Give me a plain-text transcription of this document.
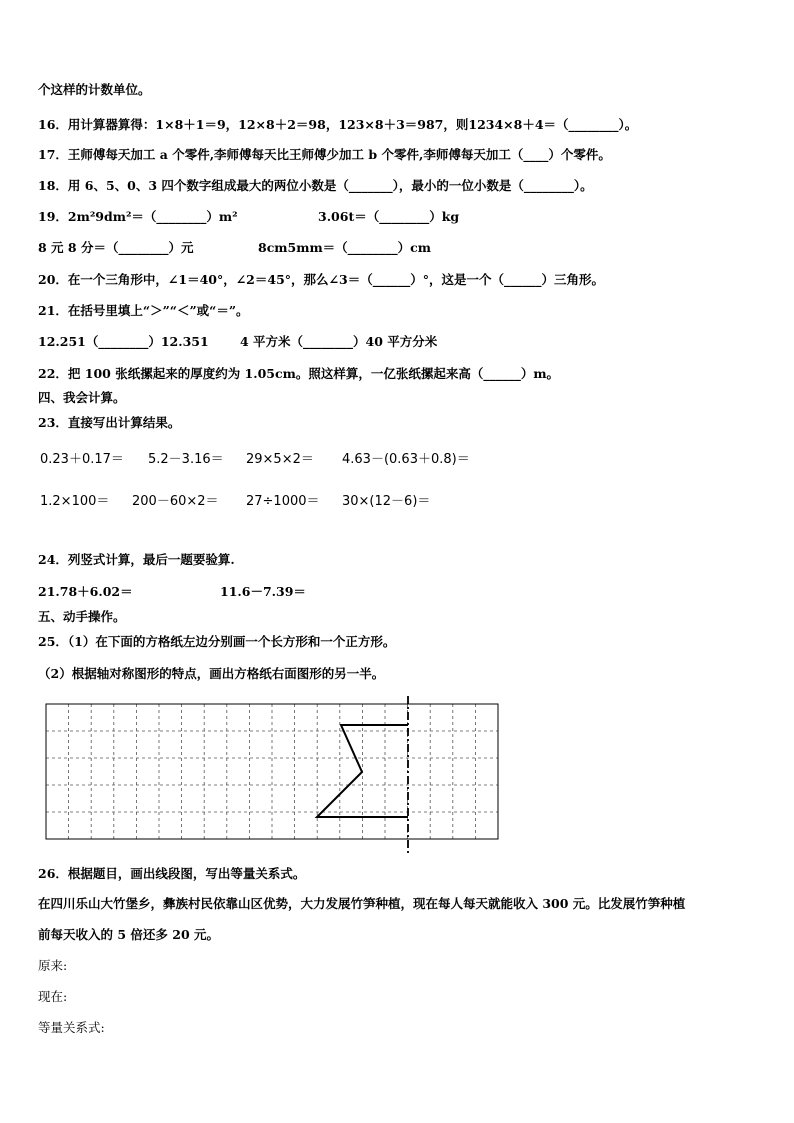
个这样的计数单位。
16．用计算器算得：1×8＋1＝9，12×8＋2＝98，123×8＋3＝987，则1234×8＋4＝（________）。
17．王师傅每天加工 a 个零件,李师傅每天比王师傅少加工 b 个零件,李师傅每天加工（____）个零件。
18．用 6、5、0、3 四个数字组成最大的两位小数是（_______），最小的一位小数是（________）。
19．2m²9dm²＝（________）m²	3.06t＝（________）kg
8 元 8 分＝（________）元	8cm5mm＝（________）cm
20．在一个三角形中，∠1＝40°，∠2＝45°，那么∠3＝（______）°，这是一个（______）三角形。
21．在括号里填上“＞”“＜”或“＝”。
12.251（________）12.351	4 平方米（________）40 平方分米
22．把 100 张纸摞起来的厚度约为 1.05cm。照这样算，一亿张纸摞起来高（______）m。
四、我会计算。
23．直接写出计算结果。
0.23＋0.17＝ 5.2－3.16＝ 29×5×2＝ 4.63－(0.63＋0.8)＝
1.2×100＝ 200－60×2＝ 27÷1000＝ 30×(12－6)＝
24．列竖式计算，最后一题要验算.
21.78＋6.02＝	11.6－7.39＝
五、动手操作。
25．（1）在下面的方格纸左边分别画一个长方形和一个正方形。
（2）根据轴对称图形的特点，画出方格纸右面图形的另一半。
26．根据题目，画出线段图，写出等量关系式。
在四川乐山大竹堡乡，彝族村民依靠山区优势，大力发展竹笋种植，现在每人每天就能收入 300 元。比发展竹笋种植
前每天收入的 5 倍还多 20 元。
原来:
现在:
等量关系式:
